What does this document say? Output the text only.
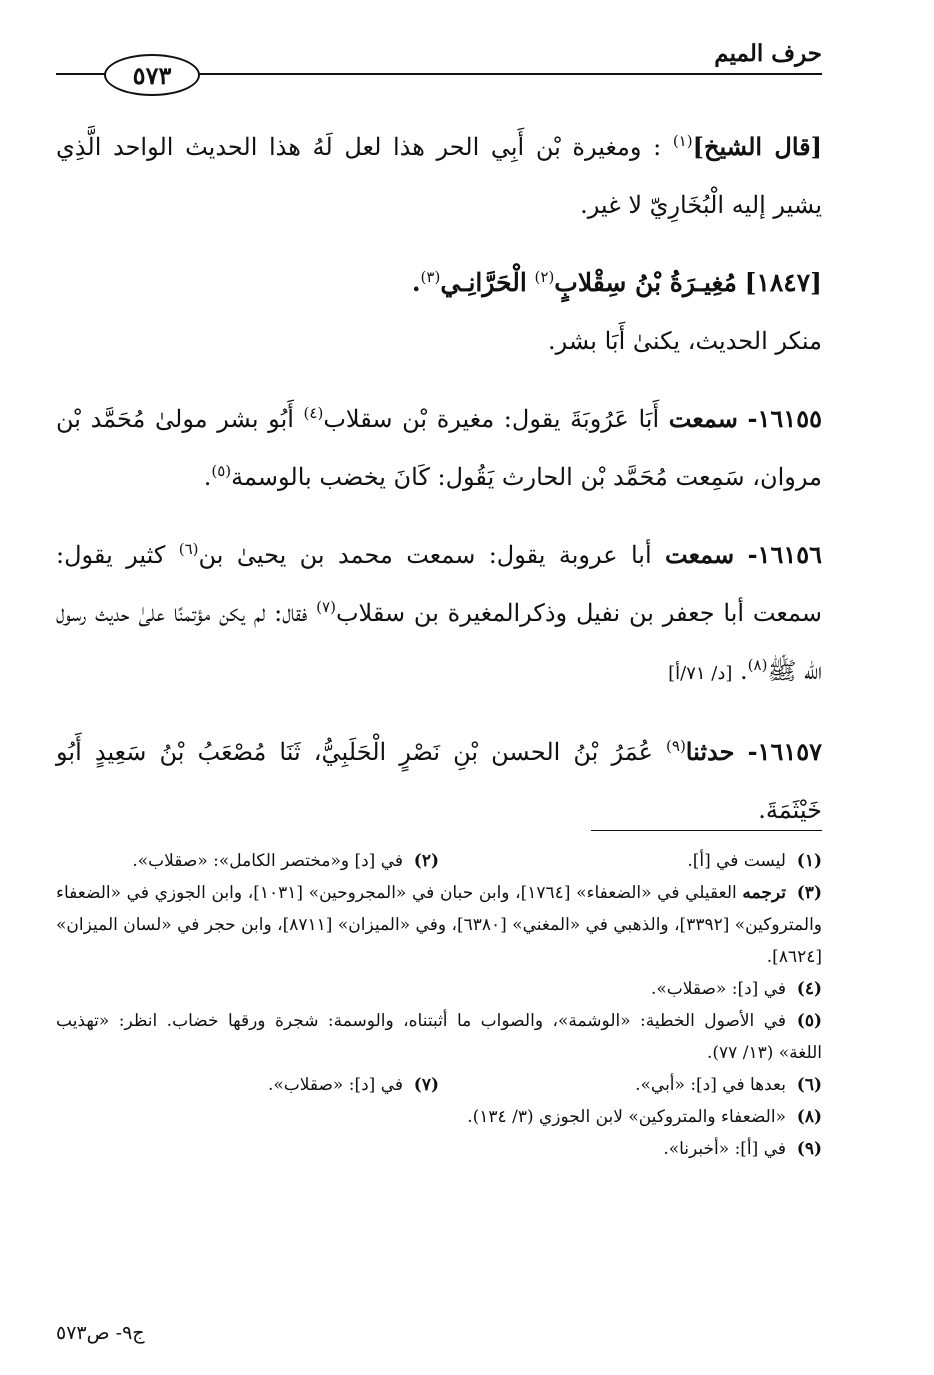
حرف الميم
٥٧٣

[قال الشيخ]$^{(١)}$ : ومغيرة بْن أَبِي الحر هذا لعل لَهُ هذا الحديث الواحد الَّذِي يشير إليه الْبُخَارِيّ لا غير.

[١٨٤٧] مُغِيـرَةُ بْنُ سِقْلابٍ$^{(٢)}$ الْحَرَّانِـي$^{(٣)}$.

منكر الحديث، يكنىٰ أَبَا بشر.

١٦١٥٥- سمعت أَبَا عَرُوبَةَ يقول: مغيرة بْن سقلاب$^{(٤)}$ أَبُو بشر مولىٰ مُحَمَّد بْن مروان، سَمِعت مُحَمَّد بْن الحارث يَقُول: كَانَ يخضب بالوسمة$^{(٥)}$.

١٦١٥٦- سمعت أبا عروبة يقول: سمعت محمد بن يحيىٰ بن$^{(٦)}$ كثير يقول: سمعت أبا جعفر بن نفيل وذكرالمغيرة بن سقلاب$^{(٧)}$ فقال: لم يكن مؤتمنًا علىٰ حديث رسول الله ﷺ$^{(٨)}$. [د/ ٧١/أ]

١٦١٥٧- حدثنا$^{(٩)}$ عُمَرُ بْنُ الحسن بْنِ نَصْرٍ الْحَلَبِيُّ، ثَنَا مُصْعَبُ بْنُ سَعِيدٍ أَبُو خَيْثَمَةَ.

(١)ليست في [أ].
(٢)في [د] و«مختصر الكامل»: «صقلاب».

(٣)ترجمه العقيلي في «الضعفاء» [١٧٦٤]، وابن حبان في «المجروحين» [١٠٣١]، وابن الجوزي في «الضعفاء والمتروكين» [٣٣٩٢]، والذهبي في «المغني» [٦٣٨٠]، وفي «الميزان» [٨٧١١]، وابن حجر في «لسان الميزان» [٨٦٢٤].

(٤)في [د]: «صقلاب».

(٥)في الأصول الخطية: «الوشمة»، والصواب ما أثبتناه، والوسمة: شجرة ورقها خضاب. انظر: «تهذيب اللغة» (١٣/ ٧٧).

(٦)بعدها في [د]: «أبي».
(٧)في [د]: «صقلاب».

(٨)«الضعفاء والمتروكين» لابن الجوزي (٣/ ١٣٤).

(٩)في [أ]: «أخبرنا».

ج٩- ص٥٧٣
